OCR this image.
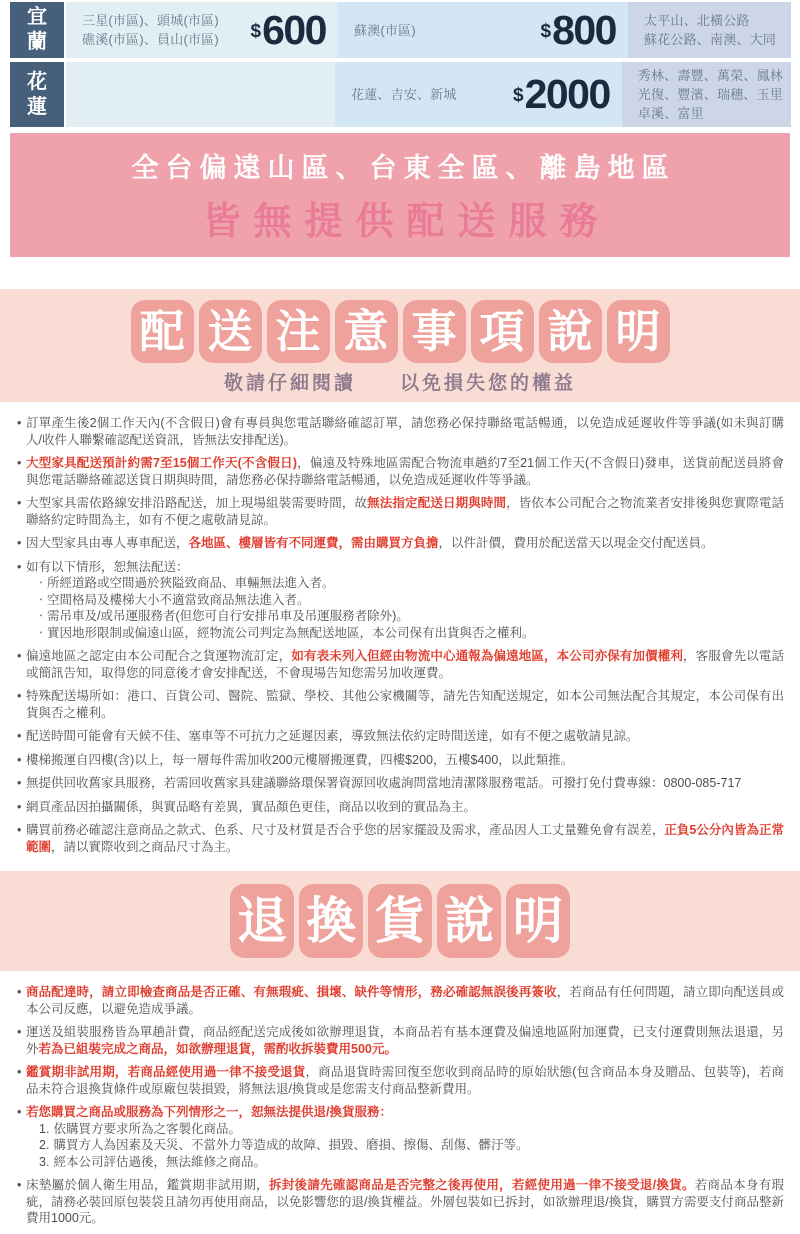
宜
蘭
三星(市區)、頭城(市區)
礁溪(市區)、員山(市區) $600 蘇澳(市區)	$800 太平山、北橫公路
蘇花公路、南澳、大同
花
蓮
花蓮、吉安、新城	$2000 秀林、壽豐、萬榮、鳳林
光復、豐濱、瑞穗、玉里
卓溪、富里
全台偏遠山區、台東全區、離島地區
皆無提供配送服務
配 送 注 意 事 項 說 明
敬請仔細閱讀　　以免損失您的權益
• 訂單產生後2個工作天內(不含假日)會有專員與您電話聯絡確認訂單，請您務必保持聯絡電話暢通，以免造成延遲收件等爭議(如未與訂購人/收件人聯繫確認配送資訊，皆無法安排配送)。
• 大型家具配送預計約需7至15個工作天(不含假日)，偏遠及特殊地區需配合物流車趟約7至21個工作天(不含假日)發車，送貨前配送員將會與您電話聯絡確認送貨日期與時間，請您務必保持聯絡電話暢通，以免造成延遲收件等爭議。
• 大型家具需依路線安排沿路配送，加上現場組裝需要時間，故無法指定配送日期與時間，皆依本公司配合之物流業者安排後與您實際電話聯絡約定時間為主，如有不便之處敬請見諒。
• 因大型家具由專人專車配送，各地區、樓層皆有不同運費，需由購買方負擔，以件計價，費用於配送當天以現金交付配送員。
• 如有以下情形，恕無法配送：
‧ 所經道路或空間過於狹隘致商品、車輛無法進入者。
‧ 空間格局及樓梯大小不適當致商品無法進入者。
‧ 需吊車及/或吊運服務者(但您可自行安排吊車及吊運服務者除外)。
‧ 實因地形限制或偏遠山區，經物流公司判定為無配送地區，本公司保有出貨與否之權利。
• 偏遠地區之認定由本公司配合之貨運物流訂定，如有表未列入但經由物流中心通報為偏遠地區，本公司亦保有加價權利，客服會先以電話或簡訊告知，取得您的同意後才會安排配送，不會現場告知您需另加收運費。
• 特殊配送場所如：港口、百貨公司、醫院、監獄、學校、其他公家機關等，請先告知配送規定，如本公司無法配合其規定，本公司保有出貨與否之權利。
• 配送時間可能會有天候不佳、塞車等不可抗力之延遲因素，導致無法依約定時間送達，如有不便之處敬請見諒。
• 樓梯搬運自四樓(含)以上，每一層每件需加收200元樓層搬運費，四樓$200，五樓$400，以此類推。
• 無提供回收舊家具服務，若需回收舊家具建議聯絡環保署資源回收處詢問當地清潔隊服務電話。可撥打免付費專線：0800-085-717
• 網頁產品因拍攝關係，與實品略有差異，實品顏色更佳，商品以收到的實品為主。
• 購買前務必確認注意商品之款式、色系、尺寸及材質是否合乎您的居家擺設及需求，產品因人工丈量難免會有誤差，正負5公分內皆為正常範圍，請以實際收到之商品尺寸為主。
退 換 貨 說 明
• 商品配達時，請立即檢查商品是否正確、有無瑕疵、損壞、缺件等情形，務必確認無誤後再簽收，若商品有任何問題，請立即向配送員或本公司反應，以避免造成爭議。
• 運送及組裝服務皆為單趟計費，商品經配送完成後如欲辦理退貨，本商品若有基本運費及偏遠地區附加運費，已支付運費則無法退還，另外若為已組裝完成之商品，如欲辦理退貨，需酌收拆裝費用500元。
• 鑑賞期非試用期，若商品經使用過一律不接受退貨，商品退貨時需回復至您收到商品時的原始狀態(包含商品本身及贈品、包裝等)，若商品未符合退換貨條件或原廠包裝損毀，將無法退/換貨或是您需支付商品整新費用。
• 若您購買之商品或服務為下列情形之一，恕無法提供退/換貨服務：
1. 依購買方要求所為之客製化商品。
2. 購買方人為因素及天災、不當外力等造成的故障、損毀、磨損、擦傷、刮傷、髒汙等。
3. 經本公司評估過後，無法維修之商品。
• 床墊屬於個人衛生用品，鑑賞期非試用期，拆封後請先確認商品是否完整之後再使用，若經使用過一律不接受退/換貨。若商品本身有瑕疵，請務必裝回原包裝袋且請勿再使用商品，以免影響您的退/換貨權益。外層包裝如已拆封，如欲辦理退/換貨，購買方需要支付商品整新費用1000元。
